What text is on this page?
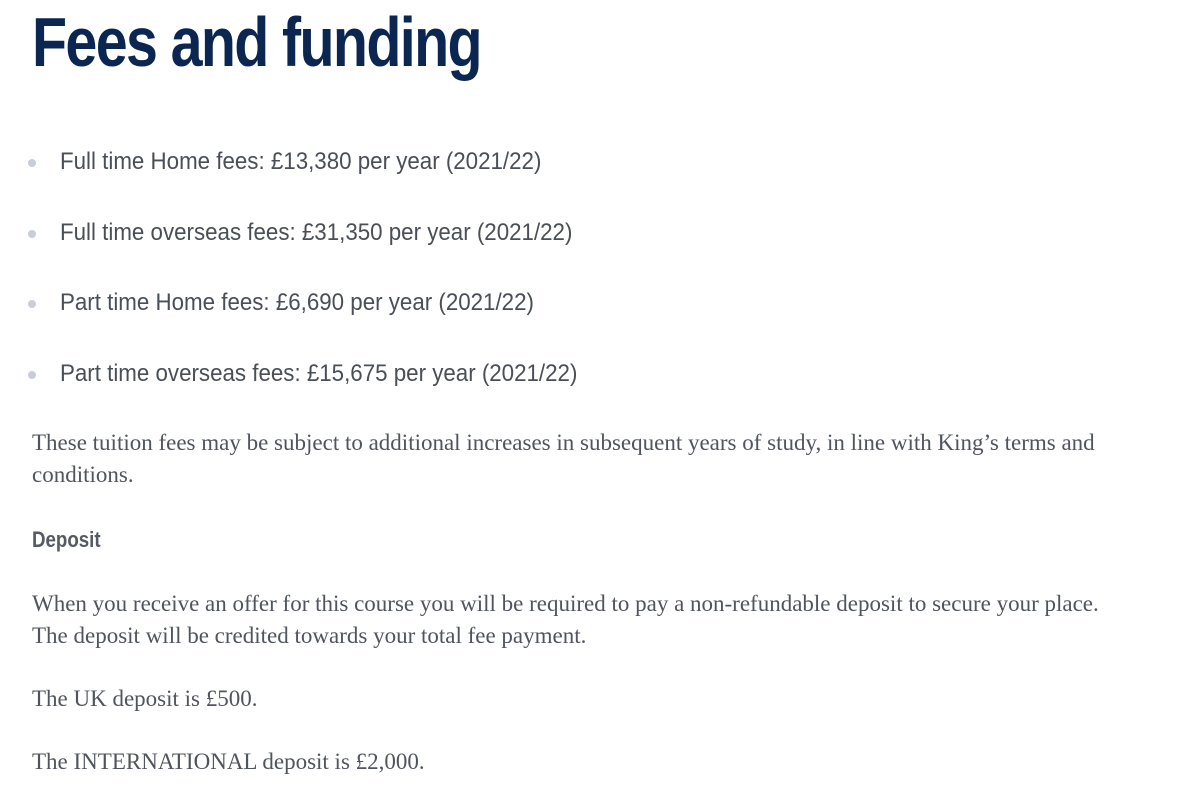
Fees and funding
Full time Home fees: £13,380 per year (2021/22)
Full time overseas fees: £31,350 per year (2021/22)
Part time Home fees: £6,690 per year (2021/22)
Part time overseas fees: £15,675 per year (2021/22)

These tuition fees may be subject to additional increases in subsequent years of study, in line with King’s terms and conditions.

Deposit

When you receive an offer for this course you will be required to pay a non-refundable deposit to secure your place. The deposit will be credited towards your total fee payment.

The UK deposit is £500.

The INTERNATIONAL deposit is £2,000.
